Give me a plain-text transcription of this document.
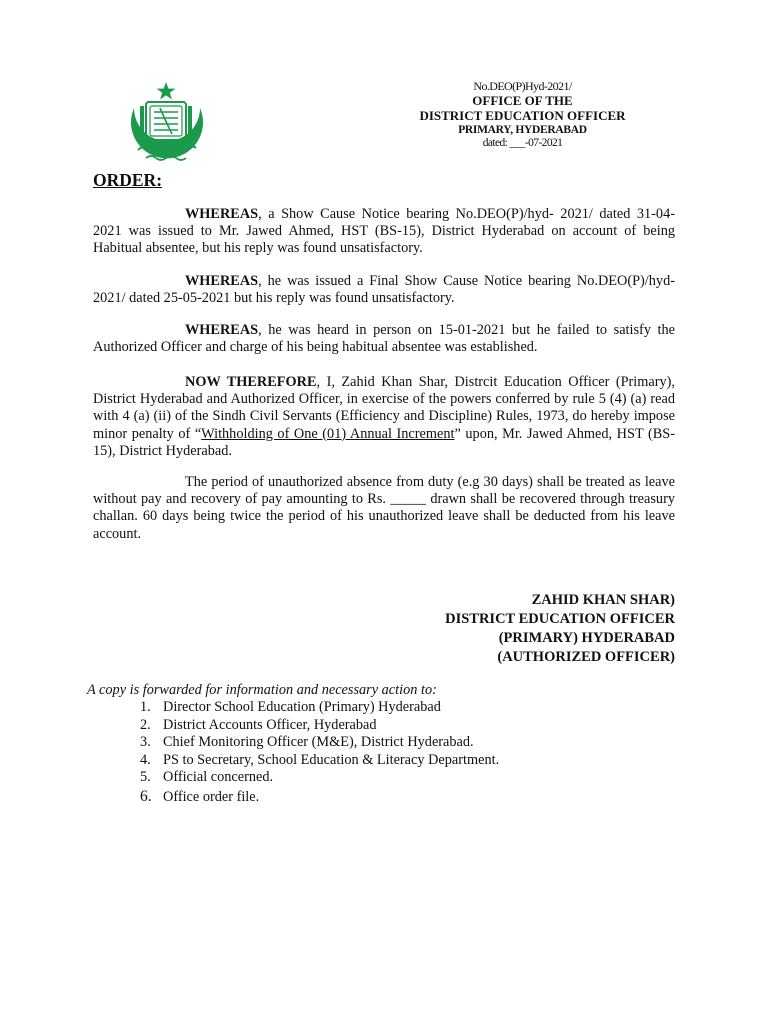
No.DEO(P)Hyd-2021/
OFFICE OF THE
DISTRICT EDUCATION OFFICER
PRIMARY, HYDERABAD
dated: ___-07-2021
ORDER:

WHEREAS, a Show Cause Notice bearing No.DEO(P)/hyd- 2021/ dated 31-04-2021 was issued to Mr. Jawed Ahmed, HST (BS-15), District Hyderabad on account of being Habitual absentee, but his reply was found unsatisfactory.

WHEREAS, he was issued a Final Show Cause Notice bearing No.DEO(P)/hyd- 2021/ dated 25-05-2021 but his reply was found unsatisfactory.

WHEREAS, he was heard in person on 15-01-2021 but he failed to satisfy the Authorized Officer and charge of his being habitual absentee was established.

NOW THEREFORE, I, Zahid Khan Shar, Distrcit Education Officer (Primary), District Hyderabad and Authorized Officer, in exercise of the powers conferred by rule 5 (4) (a) read with 4 (a) (ii) of the Sindh Civil Servants (Efficiency and Discipline) Rules, 1973, do hereby impose minor penalty of “Withholding of One (01) Annual Increment” upon, Mr. Jawed Ahmed, HST (BS-15), District Hyderabad.

The period of unauthorized absence from duty (e.g 30 days) shall be treated as leave without pay and recovery of pay amounting to Rs. _____ drawn shall be recovered through treasury challan. 60 days being twice the period of his unauthorized leave shall be deducted from his leave account.

ZAHID KHAN SHAR)
DISTRICT EDUCATION OFFICER
(PRIMARY) HYDERABAD
(AUTHORIZED OFFICER)
A copy is forwarded for information and necessary action to:
1. Director School Education (Primary) Hyderabad
2. District Accounts Officer, Hyderabad
3. Chief Monitoring Officer (M&E), District Hyderabad.
4. PS to Secretary, School Education & Literacy Department.
5. Official concerned.
6. Office order file.
